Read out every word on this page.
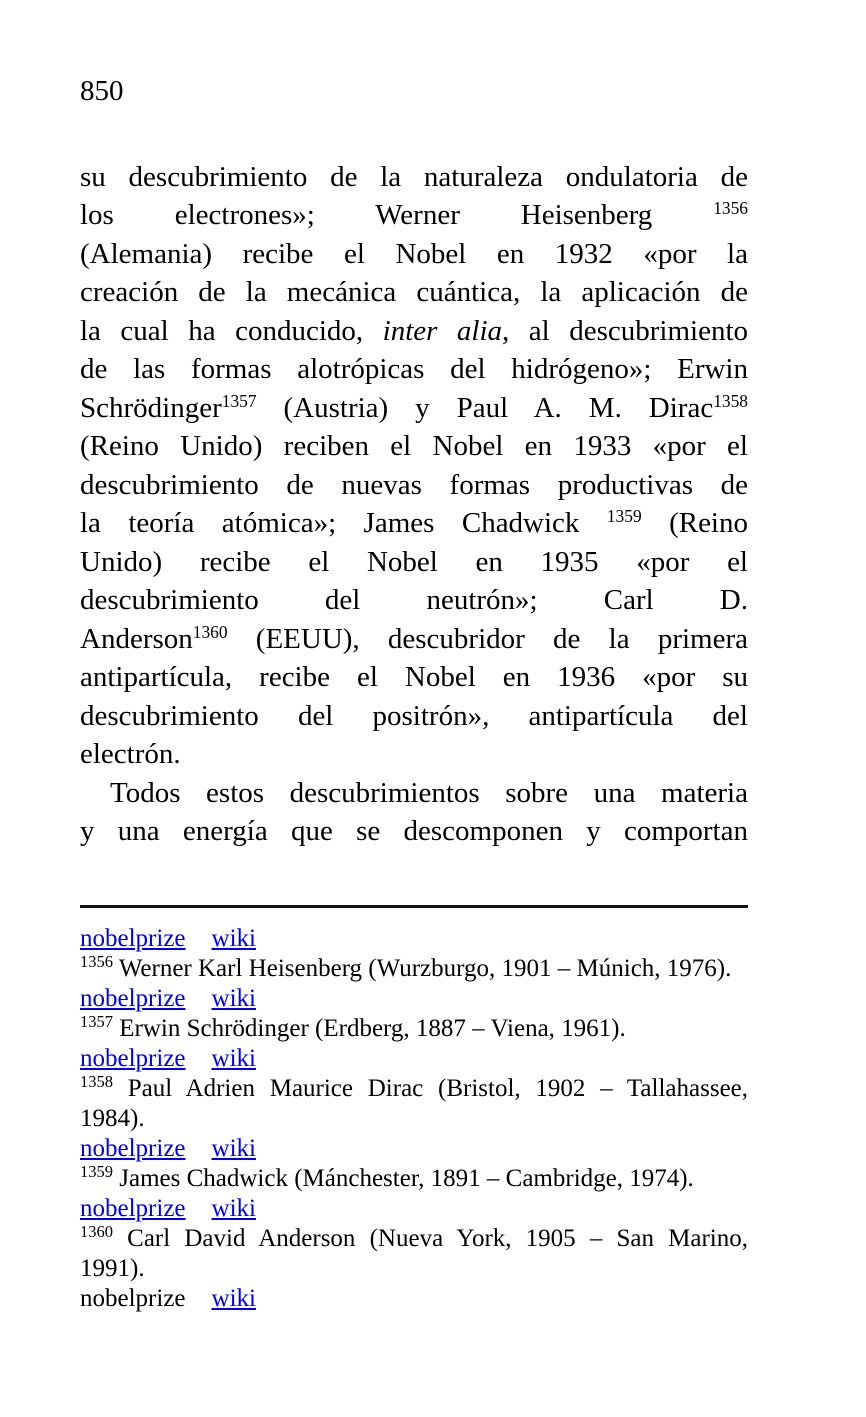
850
su descubrimiento de la naturaleza ondulatoria de
los electrones»; Werner Heisenberg $^{1356}$
(Alemania) recibe el Nobel en 1932 «por la
creación de la mecánica cuántica, la aplicación de
la cual ha conducido, inter alia, al descubrimiento
de las formas alotrópicas del hidrógeno»; Erwin
Schrödinger$^{1357}$ (Austria) y Paul A. M. Dirac$^{1358}$
(Reino Unido) reciben el Nobel en 1933 «por el
descubrimiento de nuevas formas productivas de
la teoría atómica»; James Chadwick $^{1359}$ (Reino
Unido) recibe el Nobel en 1935 «por el
descubrimiento del neutrón»; Carl D.
Anderson$^{1360}$ (EEUU), descubridor de la primera
antipartícula, recibe el Nobel en 1936 «por su
descubrimiento del positrón», antipartícula del
electrón.
Todos estos descubrimientos sobre una materia
y una energía que se descomponen y comportan
nobelprize wiki
$^{1356}$ Werner Karl Heisenberg (Wurzburgo, 1901 – Múnich, 1976).
nobelprize wiki
$^{1357}$ Erwin Schrödinger (Erdberg, 1887 – Viena, 1961).
nobelprize wiki
$^{1358}$ Paul Adrien Maurice Dirac (Bristol, 1902 – Tallahassee,
1984).
nobelprize wiki
$^{1359}$ James Chadwick (Mánchester, 1891 – Cambridge, 1974).
nobelprize wiki
$^{1360}$ Carl David Anderson (Nueva York, 1905 – San Marino,
1991).
nobelprize wiki
